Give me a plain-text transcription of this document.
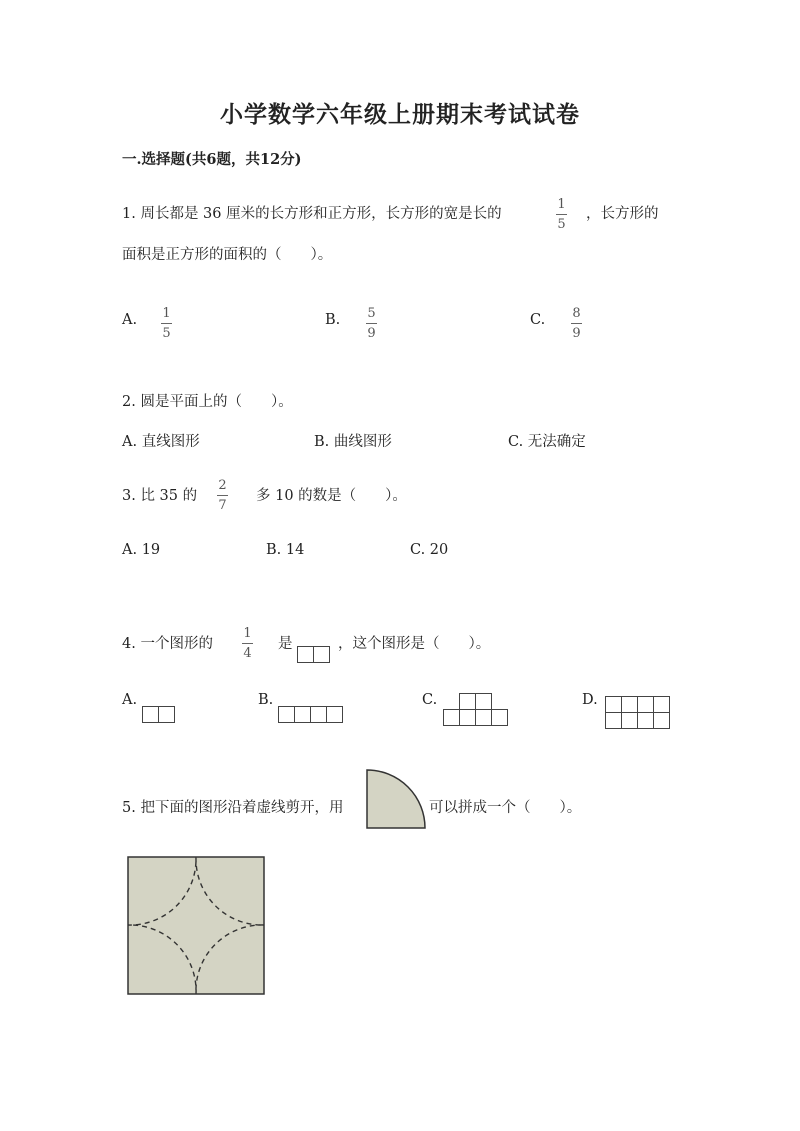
小学数学六年级上册期末考试试卷
一.选择题(共6题，共12分)
1. 周长都是 36 厘米的长方形和正方形，长方形的宽是长的
1
5
，长方形的
面积是正方形的面积的（　　）。
A. 1
5
B. 5
9
C. 8
9
2. 圆是平面上的（　　）。
A. 直线图形	B. 曲线图形	C. 无法确定
3. 比 35 的
2
7
多 10 的数是（　　）。
A. 19	B. 14	C. 20
4. 一个图形的
1
4
是
		，这个图形是（　　）。
A.
		B.
				C.

				D.

5. 把下面的图形沿着虚线剪开，用	可以拼成一个（　　）。
